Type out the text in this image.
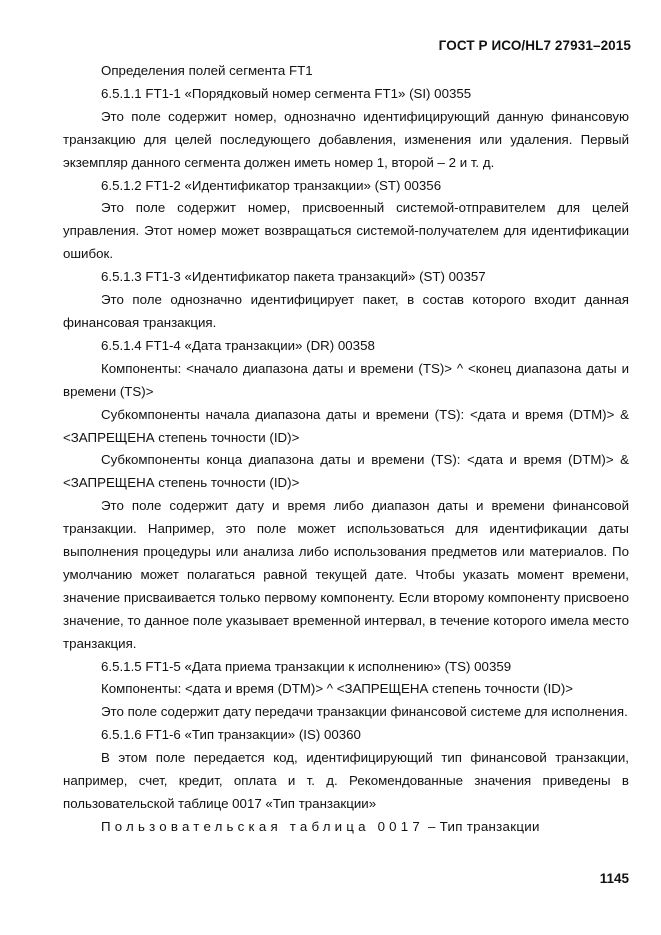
ГОСТ Р ИСО/HL7 27931–2015

Определения полей сегмента FT1

6.5.1.1 FT1-1 «Порядковый номер сегмента FT1» (SI) 00355

Это поле содержит номер, однозначно идентифицирующий данную финансовую транзакцию для целей последующего добавления, изменения или удаления. Первый экземпляр данного сегмента должен иметь номер 1, второй – 2 и т. д.

6.5.1.2 FT1-2 «Идентификатор транзакции» (ST) 00356

Это поле содержит номер, присвоенный системой-отправителем для целей управления. Этот номер может возвращаться системой-получателем для идентификации ошибок.

6.5.1.3 FT1-3 «Идентификатор пакета транзакций» (ST) 00357

Это поле однозначно идентифицирует пакет, в состав которого входит данная финансовая транзакция.

6.5.1.4 FT1-4 «Дата транзакции» (DR) 00358

Компоненты: <начало диапазона даты и времени (TS)> ^ <конец диапазона даты и времени (TS)>

Субкомпоненты начала диапазона даты и времени (TS): <дата и время (DTM)> & <ЗАПРЕЩЕНА степень точности (ID)>

Субкомпоненты конца диапазона даты и времени (TS): <дата и время (DTM)> & <ЗАПРЕЩЕНА степень точности (ID)>

Это поле содержит дату и время либо диапазон даты и времени финансовой транзакции. Например, это поле может использоваться для идентификации даты выполнения процедуры или анализа либо использования предметов или материалов. По умолчанию может полагаться равной текущей дате. Чтобы указать момент времени, значение присваивается только первому компоненту. Если второму компоненту присвоено значение, то данное поле указывает временной интервал, в течение которого имела место транзакция.

6.5.1.5 FT1-5 «Дата приема транзакции к исполнению» (TS) 00359

Компоненты: <дата и время (DTM)> ^ <ЗАПРЕЩЕНА степень точности (ID)>

Это поле содержит дату передачи транзакции финансовой системе для исполнения.

6.5.1.6 FT1-6 «Тип транзакции» (IS) 00360

В этом поле передается код, идентифицирующий тип финансовой транзакции, например, счет, кредит, оплата и т. д. Рекомендованные значения приведены в пользовательской таблице 0017 «Тип транзакции»

Пользовательская таблица 0017 – Тип транзакции

1145
